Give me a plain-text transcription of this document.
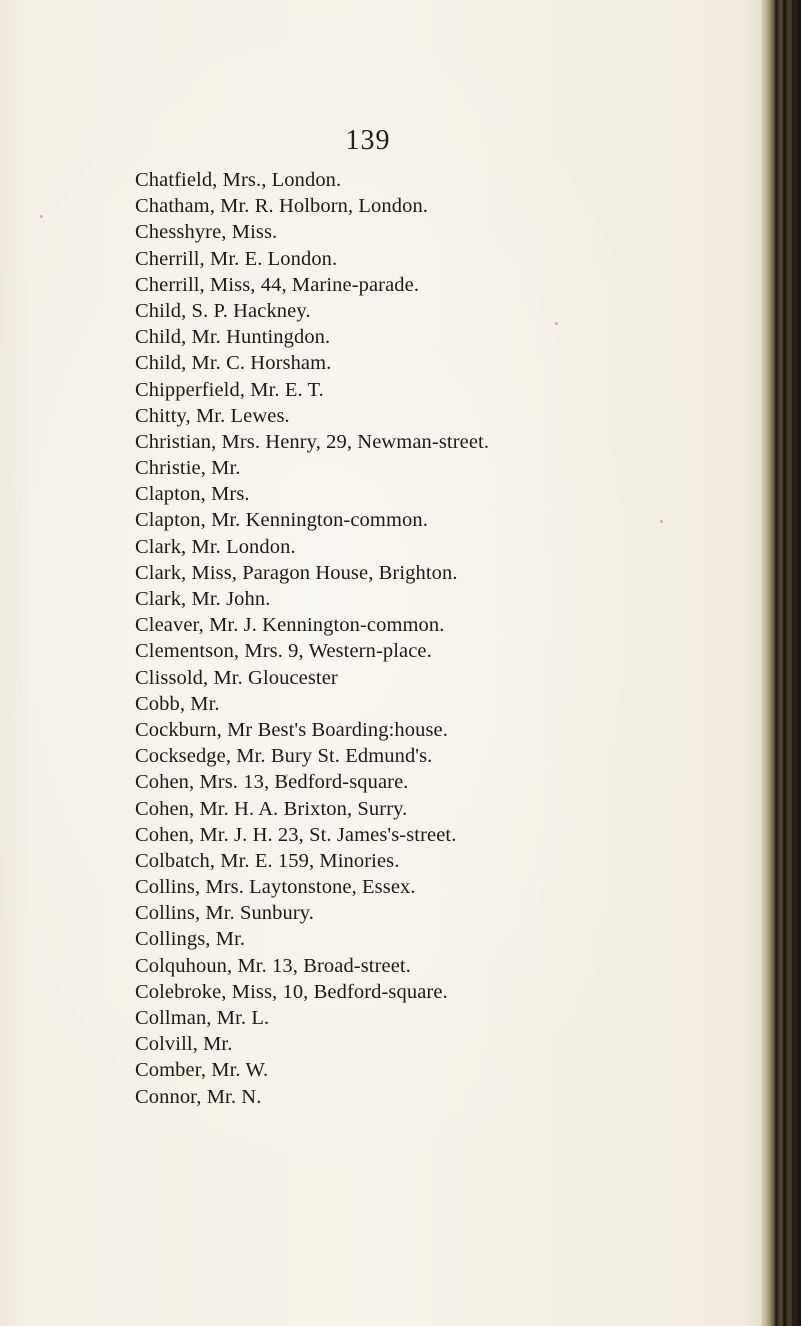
139
Chatfield, Mrs., London.
Chatham, Mr. R. Holborn, London.
Chesshyre, Miss.
Cherrill, Mr. E. London.
Cherrill, Miss, 44, Marine-parade.
Child, S. P. Hackney.
Child, Mr. Huntingdon.
Child, Mr. C. Horsham.
Chipperfield, Mr. E. T.
Chitty, Mr. Lewes.
Christian, Mrs. Henry, 29, Newman-street.
Christie, Mr.
Clapton, Mrs.
Clapton, Mr. Kennington-common.
Clark, Mr. London.
Clark, Miss, Paragon House, Brighton.
Clark, Mr. John.
Cleaver, Mr. J. Kennington-common.
Clementson, Mrs. 9, Western-place.
Clissold, Mr. Gloucester
Cobb, Mr.
Cockburn, Mr Best's Boarding:house.
Cocksedge, Mr. Bury St. Edmund's.
Cohen, Mrs. 13, Bedford-square.
Cohen, Mr. H. A. Brixton, Surry.
Cohen, Mr. J. H. 23, St. James's-street.
Colbatch, Mr. E. 159, Minories.
Collins, Mrs. Laytonstone, Essex.
Collins, Mr. Sunbury.
Collings, Mr.
Colquhoun, Mr. 13, Broad-street.
Colebroke, Miss, 10, Bedford-square.
Collman, Mr. L.
Colvill, Mr.
Comber, Mr. W.
Connor, Mr. N.
